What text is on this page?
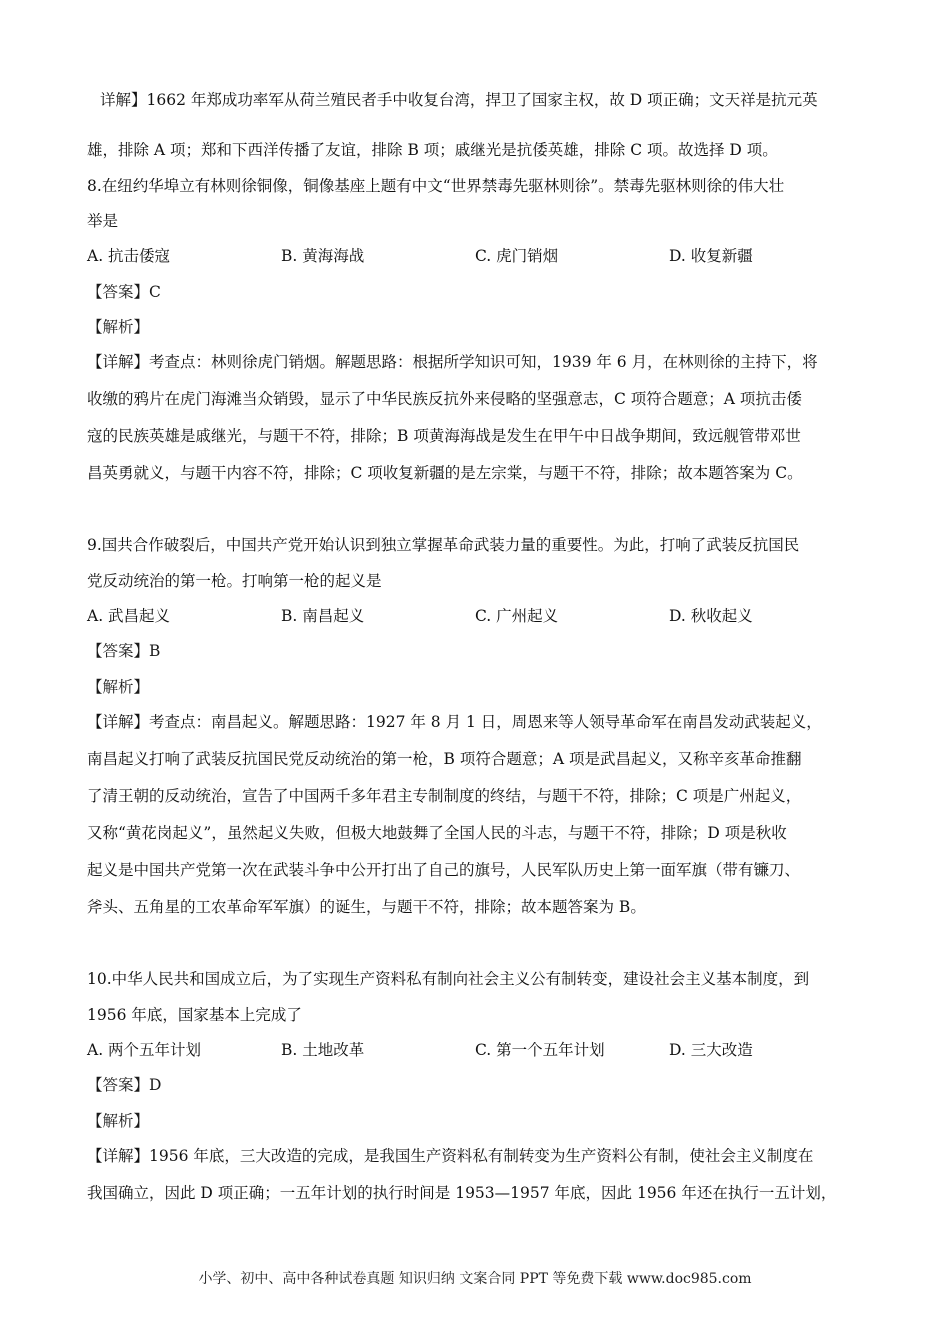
详解】1662 年郑成功率军从荷兰殖民者手中收复台湾，捍卫了国家主权，故 D 项正确；文天祥是抗元英
雄，排除 A 项；郑和下西洋传播了友谊，排除 B 项；戚继光是抗倭英雄，排除 C 项。故选择 D 项。
8.在纽约华埠立有林则徐铜像，铜像基座上题有中文“世界禁毒先驱林则徐”。禁毒先驱林则徐的伟大壮
举是
A. 抗击倭寇	B. 黄海海战	C. 虎门销烟	D. 收复新疆
【答案】C
【解析】
【详解】考查点：林则徐虎门销烟。解题思路：根据所学知识可知，1939 年 6 月，在林则徐的主持下，将
收缴的鸦片在虎门海滩当众销毁，显示了中华民族反抗外来侵略的坚强意志，C 项符合题意；A 项抗击倭
寇的民族英雄是戚继光，与题干不符，排除；B 项黄海海战是发生在甲午中日战争期间，致远舰管带邓世
昌英勇就义，与题干内容不符，排除；C 项收复新疆的是左宗棠，与题干不符，排除；故本题答案为 C。
9.国共合作破裂后，中国共产党开始认识到独立掌握革命武装力量的重要性。为此，打响了武装反抗国民
党反动统治的第一枪。打响第一枪的起义是
A. 武昌起义	B. 南昌起义	C. 广州起义	D. 秋收起义
【答案】B
【解析】
【详解】考查点：南昌起义。解题思路：1927 年 8 月 1 日，周恩来等人领导革命军在南昌发动武装起义，
南昌起义打响了武装反抗国民党反动统治的第一枪，B 项符合题意；A 项是武昌起义，又称辛亥革命推翻
了清王朝的反动统治，宣告了中国两千多年君主专制制度的终结，与题干不符，排除；C 项是广州起义，
又称“黄花岗起义”，虽然起义失败，但极大地鼓舞了全国人民的斗志，与题干不符，排除；D 项是秋收
起义是中国共产党第一次在武装斗争中公开打出了自己的旗号，人民军队历史上第一面军旗（带有镰刀、
斧头、五角星的工农革命军军旗）的诞生，与题干不符，排除；故本题答案为 B。
10.中华人民共和国成立后，为了实现生产资料私有制向社会主义公有制转变，建设社会主义基本制度，到
1956 年底，国家基本上完成了
A. 两个五年计划	B. 土地改革	C. 第一个五年计划	D. 三大改造
【答案】D
【解析】
【详解】1956 年底，三大改造的完成，是我国生产资料私有制转变为生产资料公有制，使社会主义制度在
我国确立，因此 D 项正确；一五年计划的执行时间是 1953—1957 年底，因此 1956 年还在执行一五计划，
小学、初中、高中各种试卷真题 知识归纳 文案合同 PPT 等免费下载 www.doc985.com
